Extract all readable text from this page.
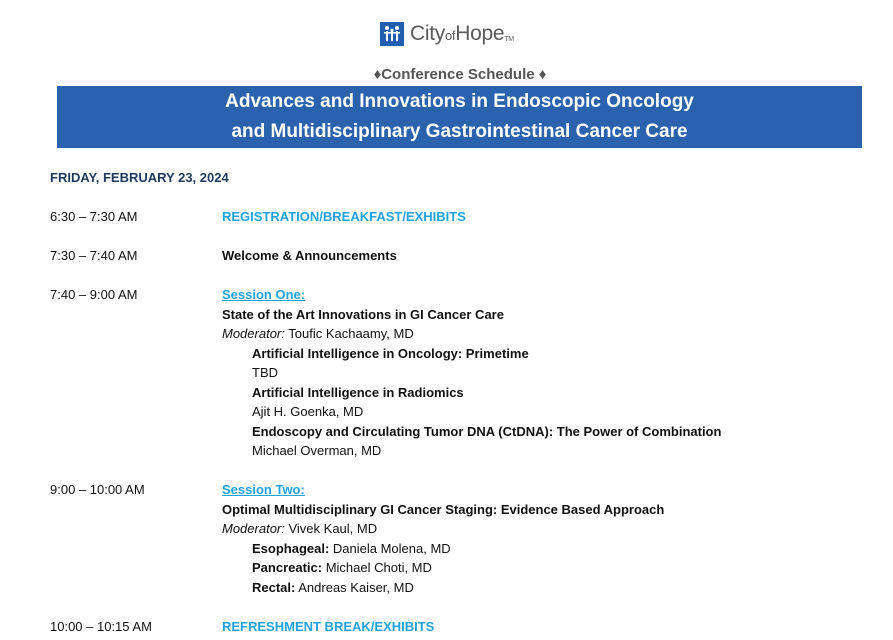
CityofHopeTM
♦Conference Schedule ♦
Advances and Innovations in Endoscopic Oncology
and Multidisciplinary Gastrointestinal Cancer Care
FRIDAY, FEBRUARY 23, 2024
6:30 – 7:30 AM	REGISTRATION/BREAKFAST/EXHIBITS
7:30 – 7:40 AM	Welcome & Announcements
7:40 – 9:00 AM	Session One:
State of the Art Innovations in GI Cancer Care
Moderator: Toufic Kachaamy, MD
Artificial Intelligence in Oncology: Primetime
TBD
Artificial Intelligence in Radiomics
Ajit H. Goenka, MD
Endoscopy and Circulating Tumor DNA (CtDNA): The Power of Combination
Michael Overman, MD
9:00 – 10:00 AM	Session Two:
Optimal Multidisciplinary GI Cancer Staging: Evidence Based Approach
Moderator: Vivek Kaul, MD
Esophageal: Daniela Molena, MD
Pancreatic: Michael Choti, MD
Rectal: Andreas Kaiser, MD
10:00 – 10:15 AM	REFRESHMENT BREAK/EXHIBITS
